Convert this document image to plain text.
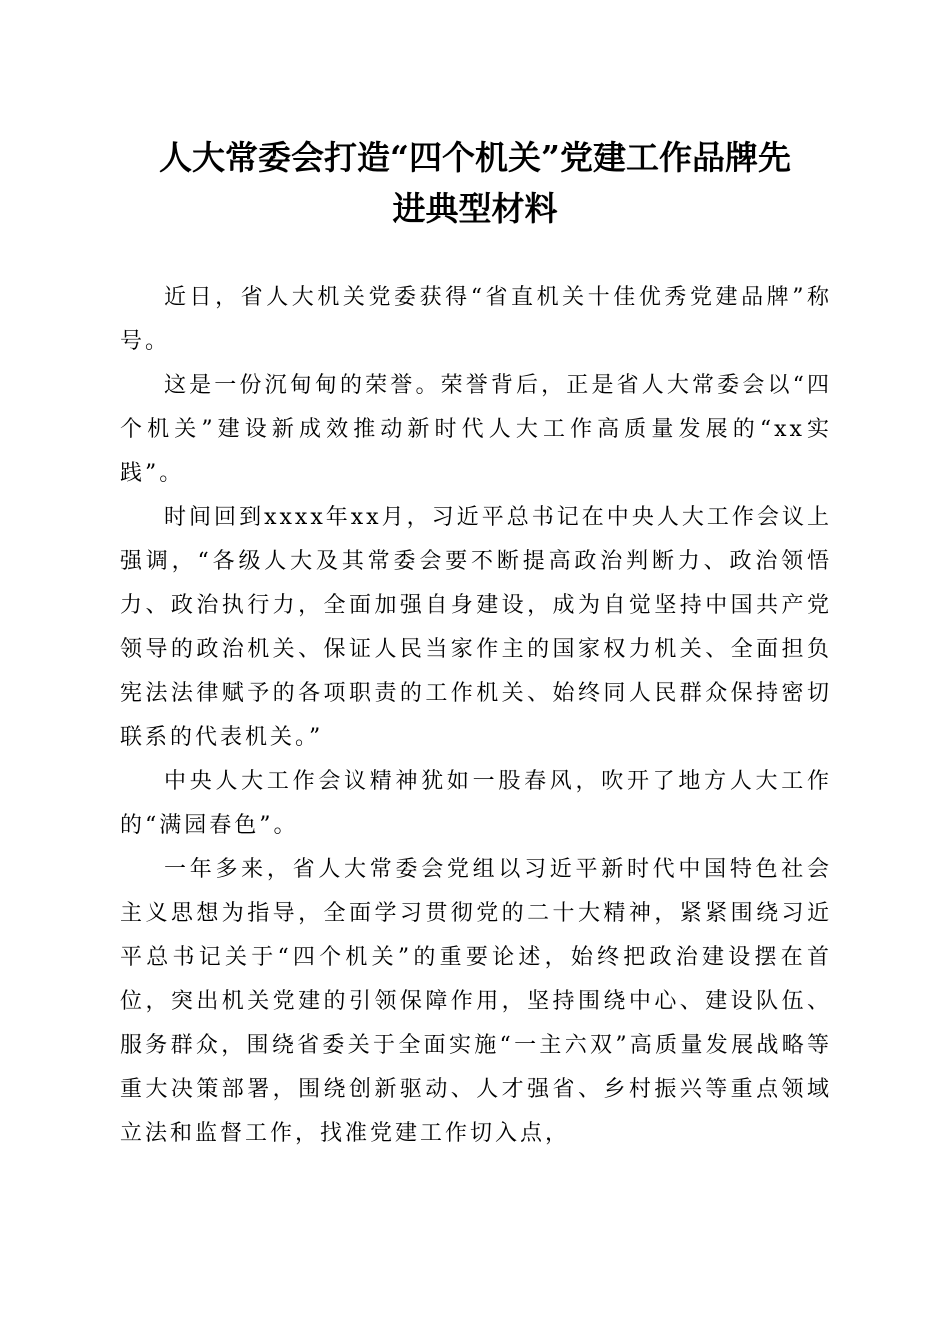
人大常委会打造“四个机关”党建工作品牌先
进典型材料

近日，省人大机关党委获得“省直机关十佳优秀党建品牌”称号。

这是一份沉甸甸的荣誉。荣誉背后，正是省人大常委会以“四个机关”建设新成效推动新时代人大工作高质量发展的“xx实践”。

时间回到xxxx年xx月，习近平总书记在中央人大工作会议上强调，“各级人大及其常委会要不断提高政治判断力、政治领悟力、政治执行力，全面加强自身建设，成为自觉坚持中国共产党领导的政治机关、保证人民当家作主的国家权力机关、全面担负宪法法律赋予的各项职责的工作机关、始终同人民群众保持密切联系的代表机关。”

中央人大工作会议精神犹如一股春风，吹开了地方人大工作的“满园春色”。

一年多来，省人大常委会党组以习近平新时代中国特色社会主义思想为指导，全面学习贯彻党的二十大精神，紧紧围绕习近平总书记关于“四个机关”的重要论述，始终把政治建设摆在首位，突出机关党建的引领保障作用，坚持围绕中心、建设队伍、服务群众，围绕省委关于全面实施“一主六双”高质量发展战略等重大决策部署，围绕创新驱动、人才强省、乡村振兴等重点领域立法和监督工作，找准党建工作切入点，
